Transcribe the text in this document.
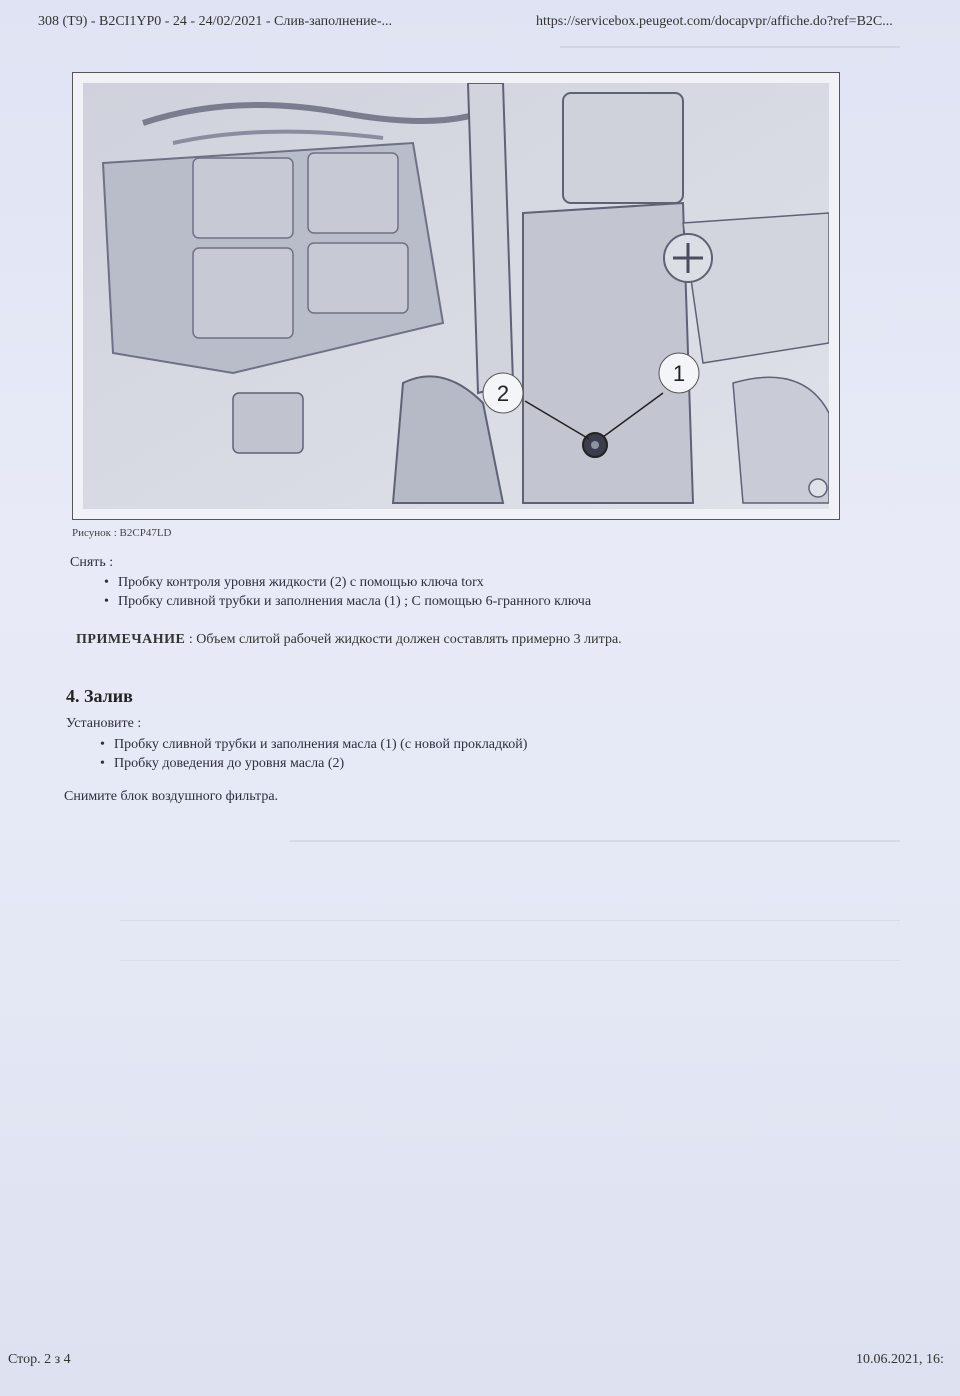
308 (T9) - B2CI1YP0 - 24 - 24/02/2021 - Слив-заполнение-...	https://servicebox.peugeot.com/docapvpr/affiche.do?ref=B2C...
2
1
Рисунок : B2CP47LD
Снять :
• Пробку контроля уровня жидкости (2) с помощью ключа torx
• Пробку сливной трубки и заполнения масла (1) ; С помощью 6-гранного ключа
ПРИМЕЧАНИЕ : Объем слитой рабочей жидкости должен составлять примерно 3 литра.
4. Залив
Установите :
• Пробку сливной трубки и заполнения масла (1) (с новой прокладкой)
• Пробку доведения до уровня масла (2)
Снимите блок воздушного фильтра.
Стор. 2 з 4	10.06.2021, 16:
